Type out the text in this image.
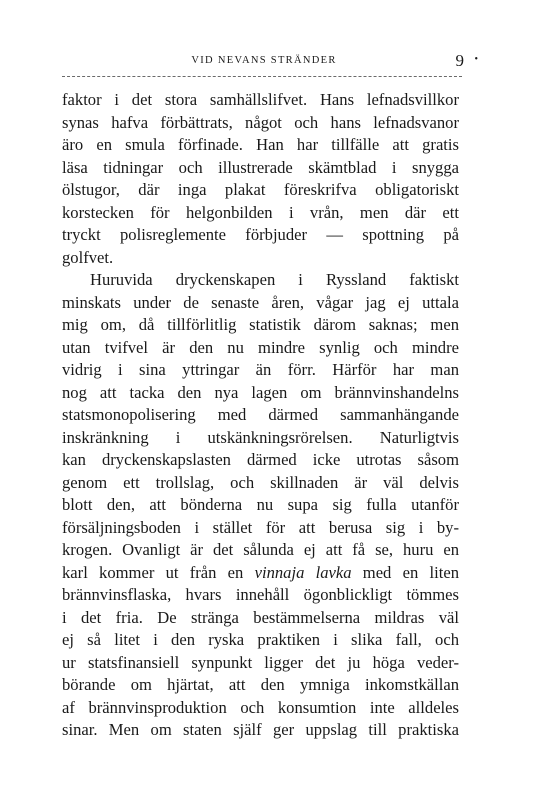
VID NEVANS STRÄNDER	9 •
faktor i det stora samhällslifvet. Hans lefnadsvillkor
synas hafva förbättrats, något och hans lefnadsvanor
äro en smula förfinade. Han har tillfälle att gratis
läsa tidningar och illustrerade skämtblad i snygga
ölstugor, där inga plakat föreskrifva obligatoriskt
korstecken för helgonbilden i vrån, men där ett
tryckt polisreglemente förbjuder — spottning på
golfvet.
Huruvida dryckenskapen i Ryssland faktiskt
minskats under de senaste åren, vågar jag ej uttala
mig om, då tillförlitlig statistik därom saknas; men
utan tvifvel är den nu mindre synlig och mindre
vidrig i sina yttringar än förr. Härför har man
nog att tacka den nya lagen om brännvinshandelns
statsmonopolisering med därmed sammanhängande
inskränkning i utskänkningsrörelsen. Naturligtvis
kan dryckenskapslasten därmed icke utrotas såsom
genom ett trollslag, och skillnaden är väl delvis
blott den, att bönderna nu supa sig fulla utanför
försäljningsboden i stället för att berusa sig i by-
krogen. Ovanligt är det sålunda ej att få se, huru en
karl kommer ut från en vinnaja lavka med en liten
brännvinsflaska, hvars innehåll ögonblickligt tömmes
i det fria. De stränga bestämmelserna mildras väl
ej så litet i den ryska praktiken i slika fall, och
ur statsfinansiell synpunkt ligger det ju höga veder-
börande om hjärtat, att den ymniga inkomstkällan
af brännvinsproduktion och konsumtion inte alldeles
sinar. Men om staten själf ger uppslag till praktiska
